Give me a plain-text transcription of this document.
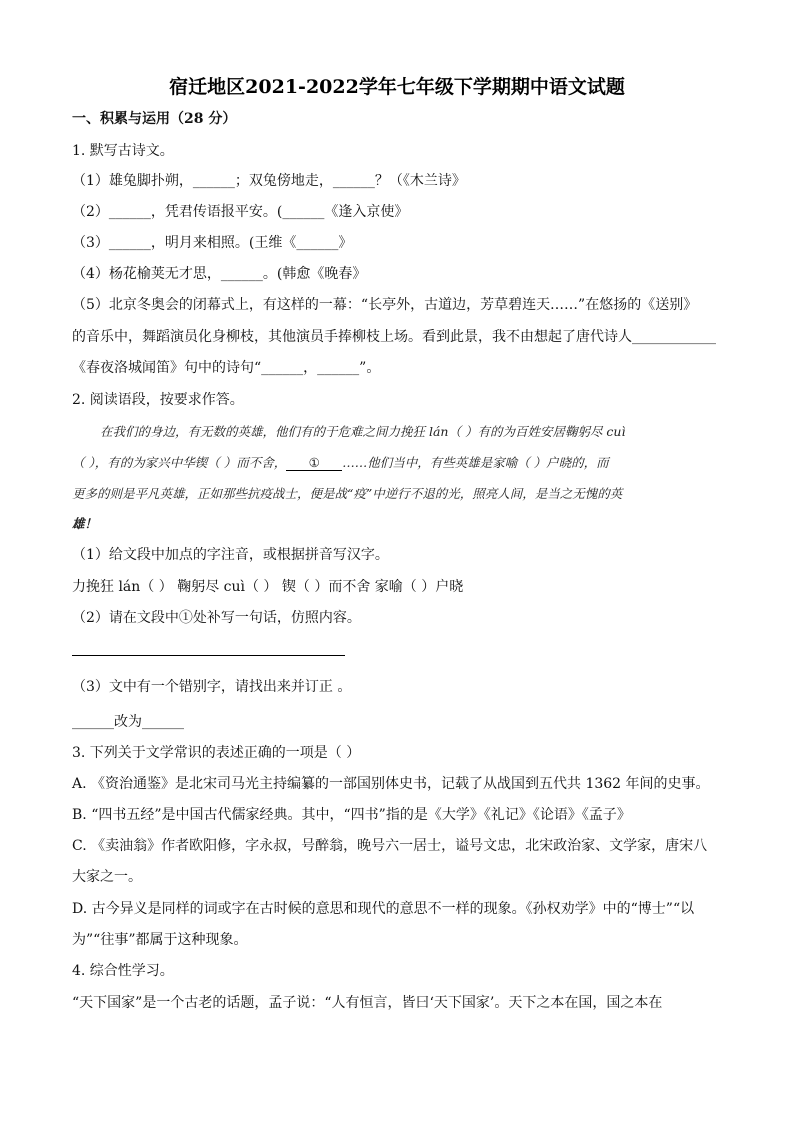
宿迁地区2021-2022学年七年级下学期期中语文试题
一、积累与运用（28 分）
1. 默写古诗文。
（1）雄兔脚扑朔，______；双兔傍地走，______？（《木兰诗》
（2）______，凭君传语报平安。(______《逢入京使》
（3）______，明月来相照。(王维《______》
（4）杨花榆荚无才思，______。(韩愈《晚春》
（5）北京冬奥会的闭幕式上，有这样的一幕：“长亭外，古道边，芳草碧连天……”在悠扬的《送别》
的音乐中，舞蹈演员化身柳枝，其他演员手捧柳枝上场。看到此景，我不由想起了唐代诗人____________
《春夜洛城闻笛》句中的诗句“______，______”。
2. 阅读语段，按要求作答。
在我们的身边，有无数的英雄，他们有的于危难之间力挽狂 lán（ ）有的为百姓安居鞠躬尽 cuì
（ ），有的为家兴中华锲（ ）而不舍， ① ……他们当中，有些英雄是家喻（ ）户晓的，而
更多的则是平凡英雄，正如那些抗疫战士，便是战“疫”中逆行不退的光，照亮人间，是当之无愧的英
雄！
（1）给文段中加点的字注音，或根据拼音写汉字。
力挽狂 lán（ ） 鞠躬尽 cuì（ ） 锲（ ）而不舍 家喻（ ）户晓
（2）请在文段中①处补写一句话，仿照内容。
（3）文中有一个错别字，请找出来并订正 。
______改为______
3. 下列关于文学常识的表述正确的一项是（ ）
A. 《资治通鉴》是北宋司马光主持编纂的一部国别体史书，记载了从战国到五代共 1362 年间的史事。
B. “四书五经”是中国古代儒家经典。其中，“四书”指的是《大学》《礼记》《论语》《孟子》
C. 《卖油翁》作者欧阳修，字永叔，号醉翁，晚号六一居士，谥号文忠，北宋政治家、文学家，唐宋八
大家之一。
D. 古今异义是同样的词或字在古时候的意思和现代的意思不一样的现象。《孙权劝学》中的“博士”“以
为”“往事”都属于这种现象。
4. 综合性学习。
“天下国家”是一个古老的话题，孟子说：“人有恒言，皆曰‘天下国家’。天下之本在国，国之本在
